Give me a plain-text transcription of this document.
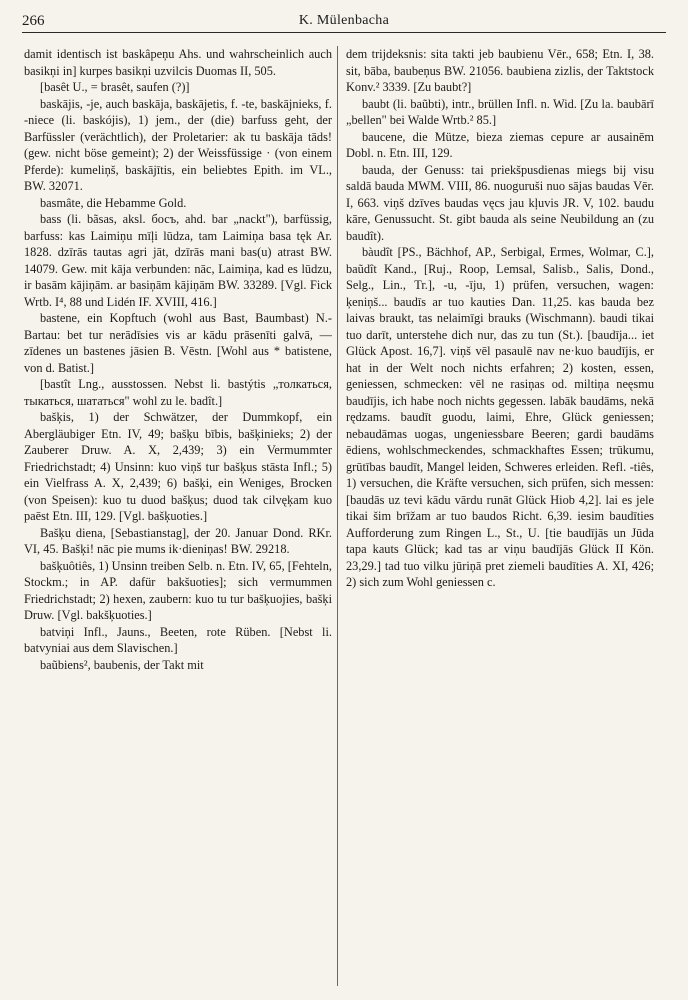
266	K. Mülenbacha

damit identisch ist baskâpeņu Ahs. und wahrscheinlich auch basikņi in] kurpes basikņi uzvilcis Duomas II, 505.

[basêt U., = brasêt, saufen (?)]

baskājis, -je, auch baskāja, baskājetis, f. -te, baskājnieks, f. -niece (li. baskójis), 1) jem., der (die) barfuss geht, der Barfüssler (verächtlich), der Proletarier: ak tu baskāja tāds! (gew. nicht böse gemeint); 2) der Weissfüssige · (von einem Pferde): kumeliņš, baskājītis, ein beliebtes Epith. im VL., BW. 32071.

basmâte, die Hebamme Gold.

bass (li. bãsas, aksl. босъ, ahd. bar „nackt"), barfüssig, barfuss: kas Laimiņu mīļi lūdza, tam Laimiņa basa tęk Ar. 1828. dzīrās tautas agri jāt, dzīrās mani bas(u) atrast BW. 14079. Gew. mit kāja verbunden: nāc, Laimiņa, kad es lūdzu, ir basām kājiņām. ar basiņām kājiņām BW. 33289. [Vgl. Fick Wrtb. I⁴, 88 und Lidén IF. XVIII, 416.]

bastene, ein Kopftuch (wohl aus Bast, Baumbast) N.-Bartau: bet tur nerādīsies vis ar kādu prāsenīti galvā, — zīdenes un bastenes jāsien B. Vēstn. [Wohl aus * batistene, von d. Batist.]

[bastît Lng., ausstossen. Nebst li. bastýtis „толкаться, тыкаться, шататься" wohl zu le. badît.]

bašķis, 1) der Schwätzer, der Dummkopf, ein Abergläubiger Etn. IV, 49; bašķu bībis, bašķinieks; 2) der Zauberer Druw. A. X, 2,439; 3) ein Vermummter Friedrichstadt; 4) Unsinn: kuo viņš tur bašķus stāsta Infl.; 5) ein Vielfrass A. X, 2,439; 6) bašķi, ein Weniges, Brocken (von Speisen): kuo tu duod bašķus; duod tak cilvęķam kuo paēst Etn. III, 129. [Vgl. bašķuoties.]

Bašķu diena, [Sebastianstag], der 20. Januar Dond. RKr. VI, 45. Bašķi! nāc pie mums ik·dieniņas! BW. 29218.

bašķuôtiês, 1) Unsinn treiben Selb. n. Etn. IV, 65, [Fehteln, Stockm.; in AP. dafür bakšuoties]; sich vermummen Friedrichstadt; 2) hexen, zaubern: kuo tu tur bašķuojies, bašķi Druw. [Vgl. bakšķuoties.]

batviņi Infl., Jauns., Beeten, rote Rüben. [Nebst li. batvyniai aus dem Slavischen.]

baũbiens², baubenis, der Takt mit

dem trijdeksnis: sita takti jeb baubienu Vēr., 658; Etn. I, 38. sit, bāba, baubeņus BW. 21056. baubiena zizlis, der Taktstock Konv.² 3339. [Zu baubt?]

baubt (li. baũbti), intr., brüllen Infl. n. Wid. [Zu la. baubārī „bellen" bei Walde Wrtb.² 85.]

baucene, die Mütze, bieza ziemas cepure ar ausainēm Dobl. n. Etn. III, 129.

bauda, der Genuss: tai priekšpusdienas miegs bij visu saldā bauda MWM. VIII, 86. nuoguruši nuo sājas baudas Vēr. I, 663. viņš dzīves baudas vęcs jau kļuvis JR. V, 102. baudu kāre, Genussucht. St. gibt bauda als seine Neubildung an (zu baudît).

bàudît [PS., Bächhof, AP., Serbigal, Ermes, Wolmar, C.], baũdît Kand., [Ruj., Roop, Lemsal, Salisb., Salis, Dond., Selg., Lin., Tr.], -u, -īju, 1) prüfen, versuchen, wagen: ķeniņš... baudīs ar tuo kauties Dan. 11,25. kas bauda bez laivas braukt, tas nelaimīgi brauks (Wischmann). baudi tikai tuo darīt, unterstehe dich nur, das zu tun (St.). [baudīja... iet Glück Apost. 16,7]. viņš vēl pasaulē nav ne·kuo baudījis, er hat in der Welt noch nichts erfahren; 2) kosten, essen, geniessen, schmecken: vēl ne rasiņas od. miltiņa neęsmu baudījis, ich habe noch nichts gegessen. labāk baudāms, nekā rędzams. baudīt guodu, laimi, Ehre, Glück geniessen; nebaudāmas uogas, ungeniessbare Beeren; gardi baudāms ēdiens, wohlschmeckendes, schmackhaftes Essen; trūkumu, grūtības baudīt, Mangel leiden, Schweres erleiden. Refl. -tiês, 1) versuchen, die Kräfte versuchen, sich prüfen, sich messen: [baudās uz tevi kādu vārdu runāt Glück Hiob 4,2]. lai es jele tikai šim brīžam ar tuo baudos Richt. 6,39. iesim baudīties Aufforderung zum Ringen L., St., U. [tie baudījās un Jūda tapa kauts Glück; kad tas ar viņu baudījās Glück II Kön. 23,29.] tad tuo vilku jūriņā pret ziemeli baudīties A. XI, 426; 2) sich zum Wohl geniessen c.
